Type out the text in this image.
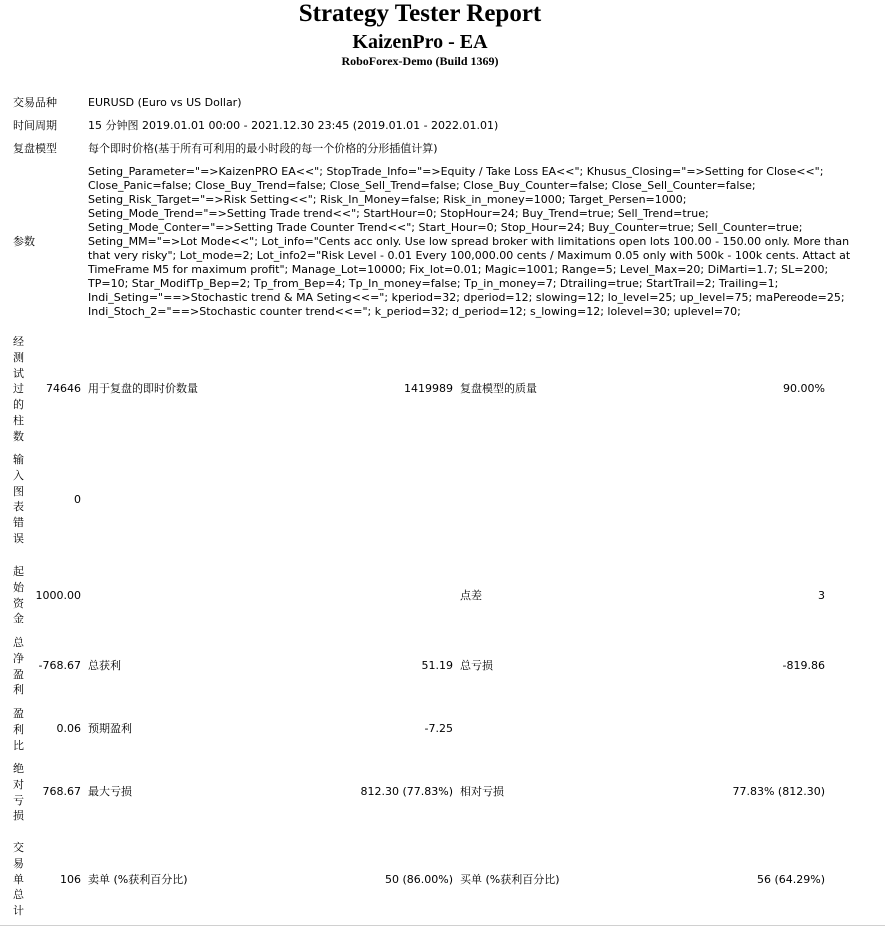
Strategy Tester Report
KaizenPro - EA
RoboForex-Demo (Build 1369)
交易品种	EURUSD (Euro vs US Dollar)
时间周期	15 分钟图 2019.01.01 00:00 - 2021.12.30 23:45 (2019.01.01 - 2022.01.01)
复盘模型	每个即时价格(基于所有可利用的最小时段的每一个价格的分形插值计算)
参数
Seting_Parameter="=>KaizenPRO EA<<"; StopTrade_Info="=>Equity / Take Loss EA<<"; Khusus_Closing="=>Setting for Close<<";
Close_Panic=false; Close_Buy_Trend=false; Close_Sell_Trend=false; Close_Buy_Counter=false; Close_Sell_Counter=false;
Seting_Risk_Target="=>Risk Setting<<"; Risk_In_Money=false; Risk_in_money=1000; Target_Persen=1000;
Seting_Mode_Trend="=>Setting Trade trend<<"; StartHour=0; StopHour=24; Buy_Trend=true; Sell_Trend=true;
Seting_Mode_Conter="=>Setting Trade Counter Trend<<"; Start_Hour=0; Stop_Hour=24; Buy_Counter=true; Sell_Counter=true;
Seting_MM="=>Lot Mode<<"; Lot_info="Cents acc only. Use low spread broker with limitations open lots 100.00 - 150.00 only. More than
that very risky"; Lot_mode=2; Lot_info2="Risk Level - 0.01 Every 100,000.00 cents / Maximum 0.05 only with 500k - 100k cents. Attact at
TimeFrame M5 for maximum profit"; Manage_Lot=10000; Fix_lot=0.01; Magic=1001; Range=5; Level_Max=20; DiMarti=1.7; SL=200;
TP=10; Star_ModifTp_Bep=2; Tp_from_Bep=4; Tp_In_money=false; Tp_in_money=7; Dtrailing=true; StartTrail=2; Trailing=1;
Indi_Seting="==>Stochastic trend & MA Seting<<="; kperiod=32; dperiod=12; slowing=12; lo_level=25; up_level=75; maPereode=25;
Indi_Stoch_2="==>Stochastic counter trend<<="; k_period=32; d_period=12; s_lowing=12; lolevel=30; uplevel=70;
经测试过的柱数
74646 用于复盘的即时价数量	1419989 复盘模型的质量	90.00%
输入图表错误
0
起始资金
1000.00	点差	3
总净盈利
-768.67 总获利	51.19 总亏损	-819.86
盈利比
0.06 预期盈利	-7.25
绝对亏损
768.67 最大亏损	812.30 (77.83%) 相对亏损	77.83% (812.30)
交易单总计
106 卖单 (%获利百分比)	50 (86.00%) 买单 (%获利百分比)	56 (64.29%)
